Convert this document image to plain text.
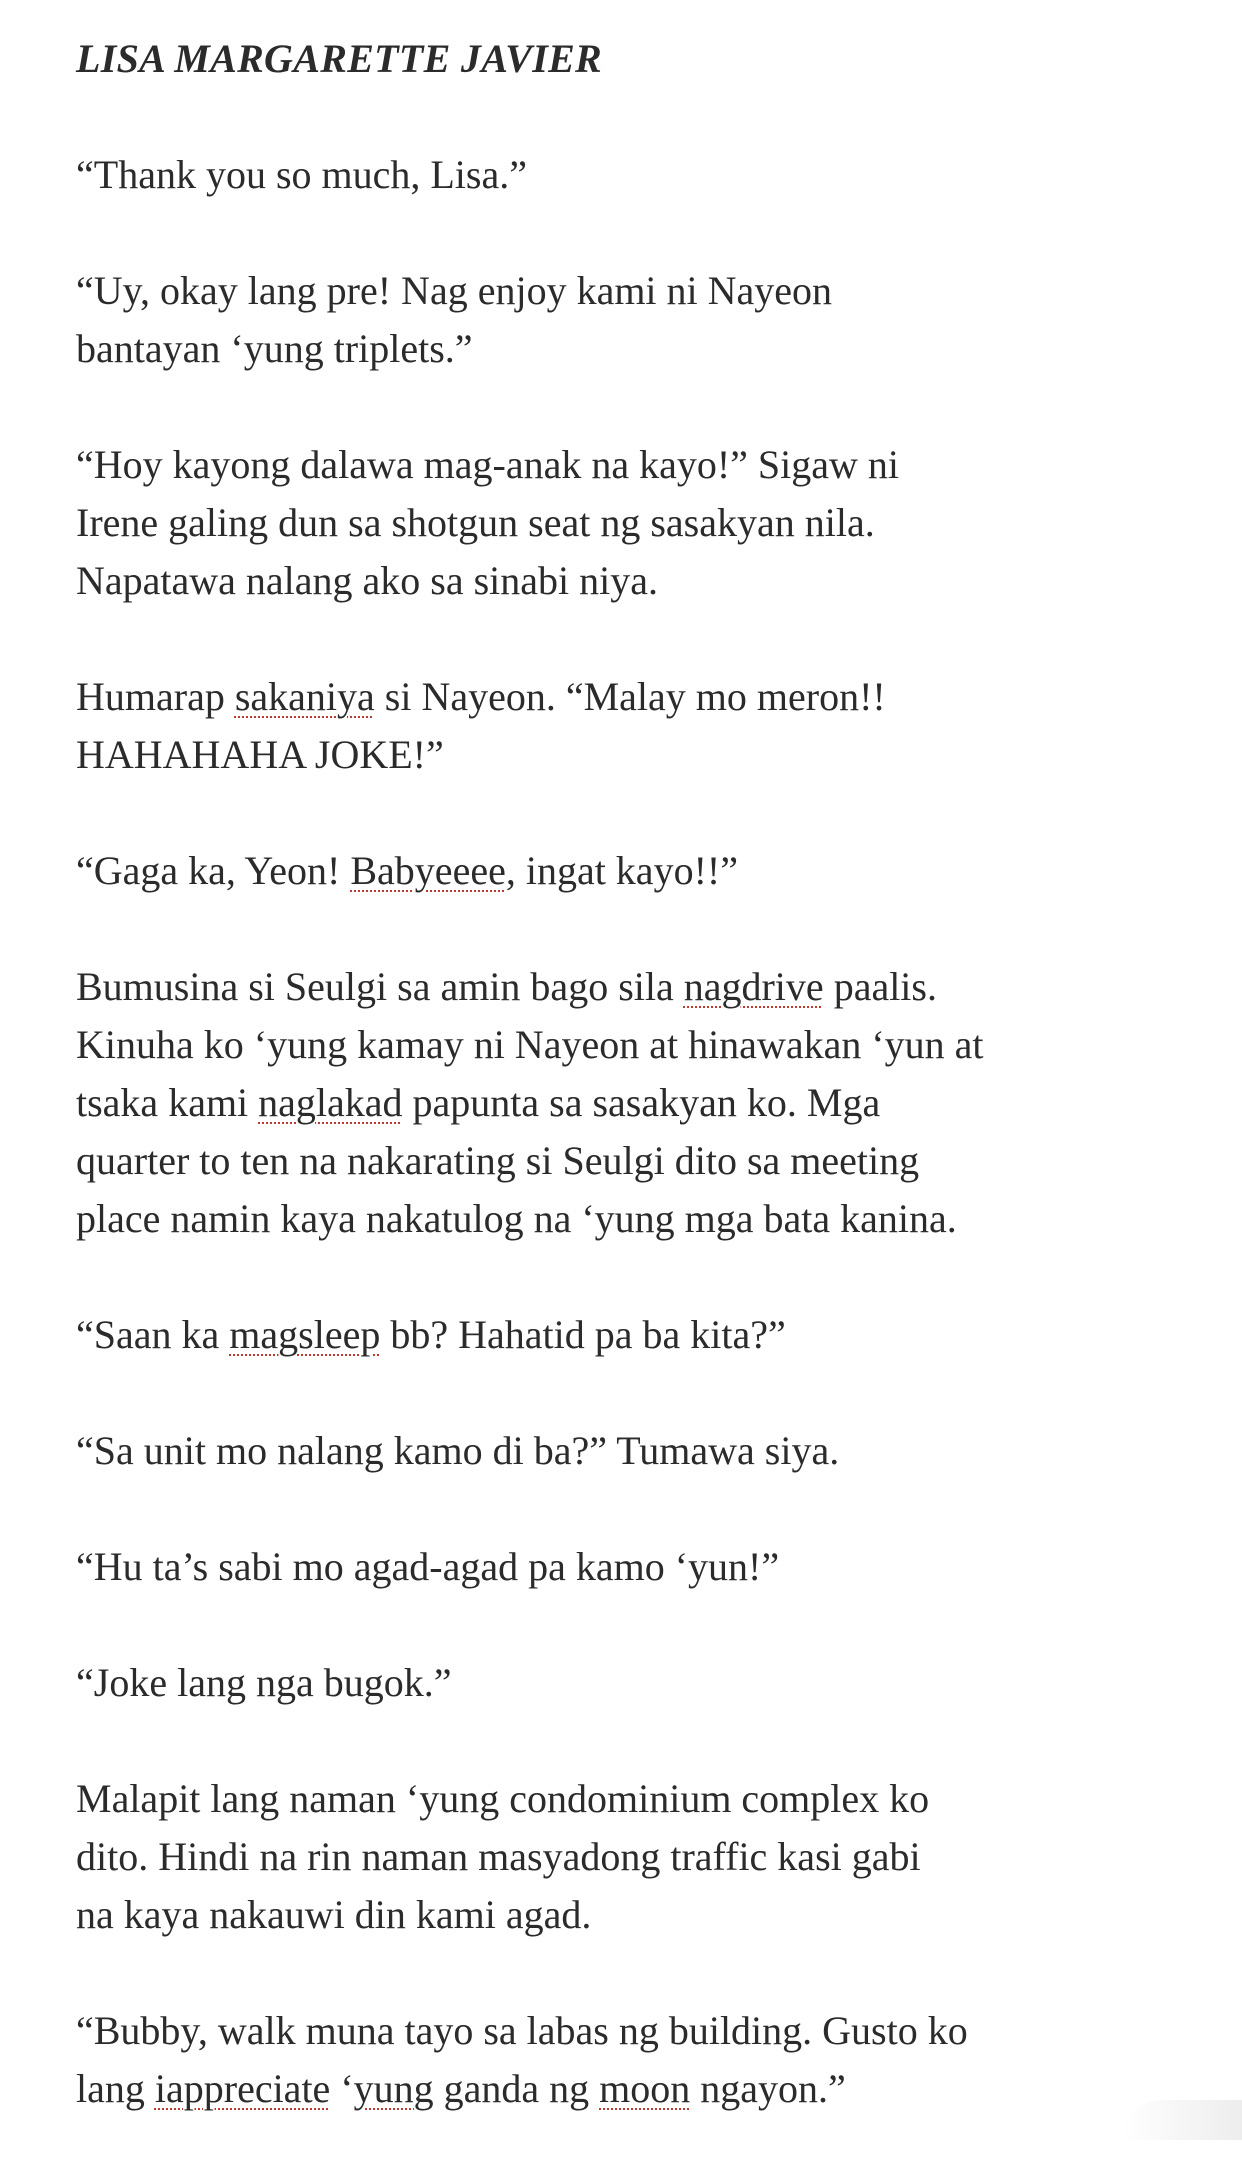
LISA MARGARETTE JAVIER
“Thank you so much, Lisa.”
“Uy, okay lang pre! Nag enjoy kami ni Nayeon
bantayan ‘yung triplets.”
“Hoy kayong dalawa mag-anak na kayo!” Sigaw ni
Irene galing dun sa shotgun seat ng sasakyan nila.
Napatawa nalang ako sa sinabi niya.
Humarap sakaniya si Nayeon. “Malay mo meron!!
HAHAHAHA JOKE!”
“Gaga ka, Yeon! Babyeeee, ingat kayo!!”
Bumusina si Seulgi sa amin bago sila nagdrive paalis.
Kinuha ko ‘yung kamay ni Nayeon at hinawakan ‘yun at
tsaka kami naglakad papunta sa sasakyan ko. Mga
quarter to ten na nakarating si Seulgi dito sa meeting
place namin kaya nakatulog na ‘yung mga bata kanina.
“Saan ka magsleep bb? Hahatid pa ba kita?”
“Sa unit mo nalang kamo di ba?” Tumawa siya.
“Hu ta’s sabi mo agad-agad pa kamo ‘yun!”
“Joke lang nga bugok.”
Malapit lang naman ‘yung condominium complex ko
dito. Hindi na rin naman masyadong traffic kasi gabi
na kaya nakauwi din kami agad.
“Bubby, walk muna tayo sa labas ng building. Gusto ko
lang iappreciate ‘yung ganda ng moon ngayon.”
